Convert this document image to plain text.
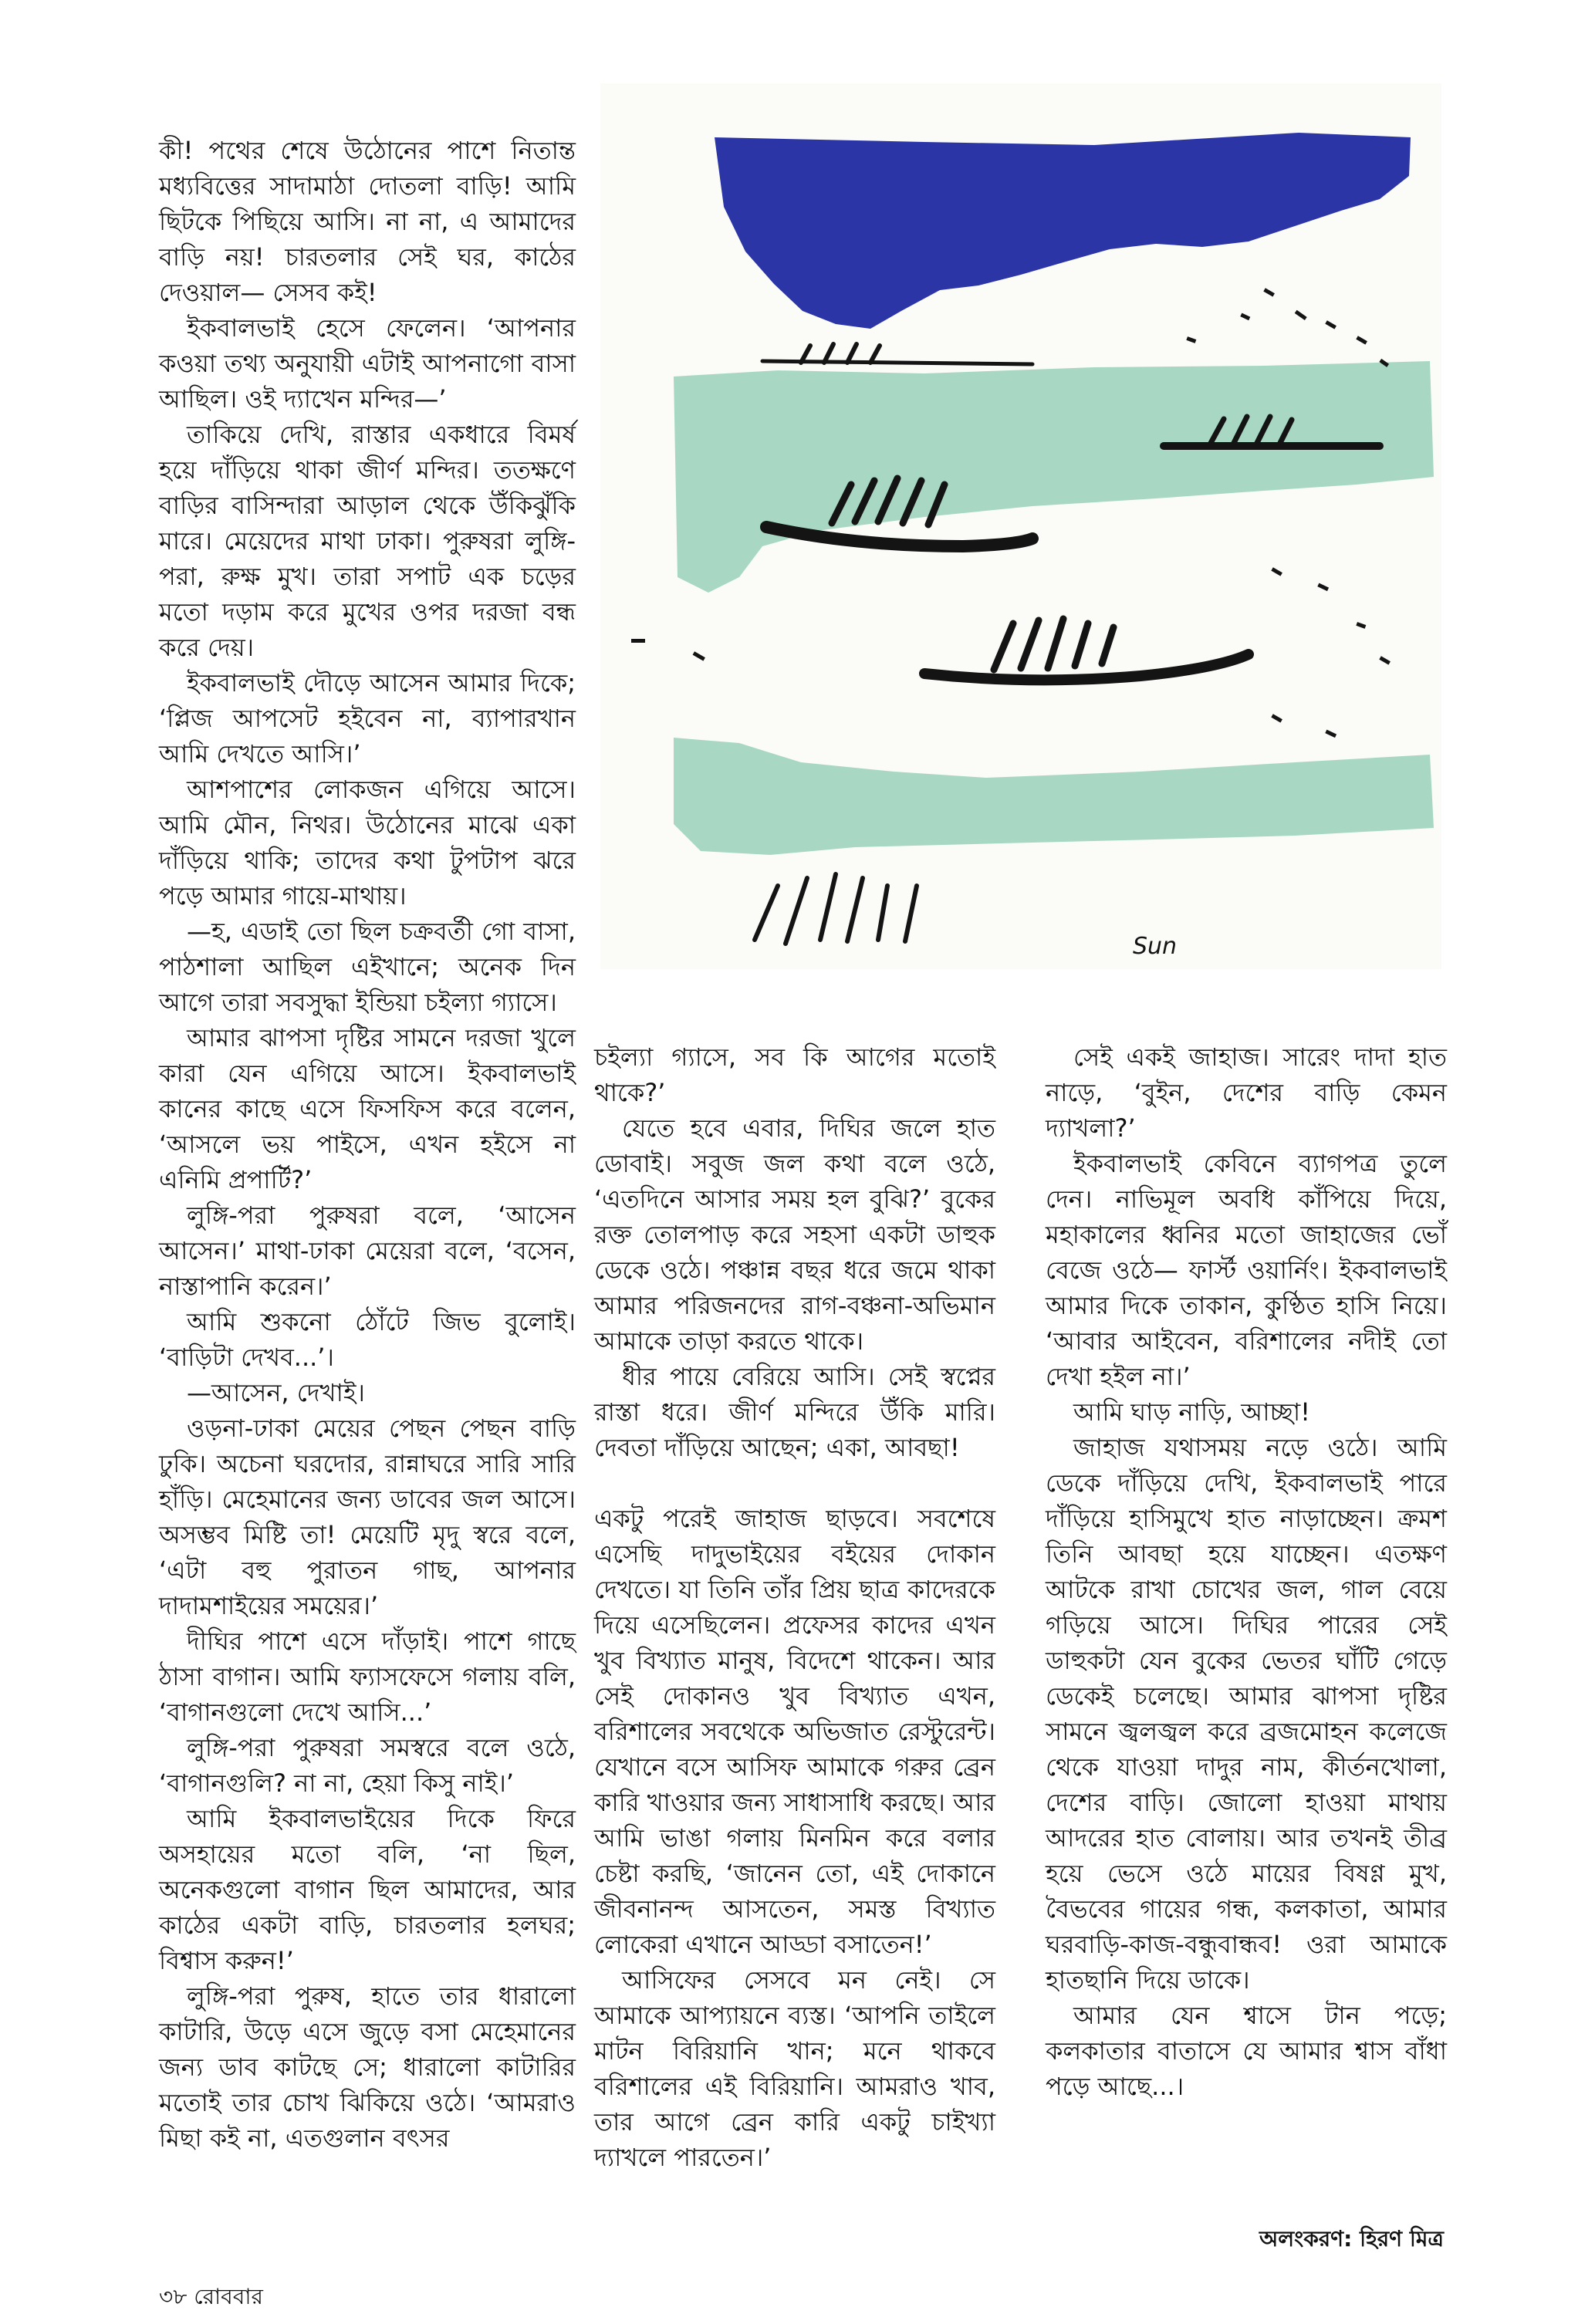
কী! পথের শেষে উঠোনের পাশে নিতান্ত মধ্যবিত্তের সাদামাঠা দোতলা বাড়ি! আমি ছিটকে পিছিয়ে আসি। না না, এ আমাদের বাড়ি নয়! চারতলার সেই ঘর, কাঠের দেওয়াল— সেসব কই!

ইকবালভাই হেসে ফেলেন। ‘আপনার কওয়া তথ্য অনুযায়ী এটাই আপনাগো বাসা আছিল। ওই দ্যাখেন মন্দির—’

তাকিয়ে দেখি, রাস্তার একধারে বিমর্ষ হয়ে দাঁড়িয়ে থাকা জীর্ণ মন্দির। ততক্ষণে বাড়ির বাসিন্দারা আড়াল থেকে উঁকিঝুঁকি মারে। মেয়েদের মাথা ঢাকা। পুরুষরা লুঙ্গি-পরা, রুক্ষ মুখ। তারা সপাট এক চড়ের মতো দড়াম করে মুখের ওপর দরজা বন্ধ করে দেয়।

ইকবালভাই দৌড়ে আসেন আমার দিকে; ‘প্লিজ আপসেট হইবেন না, ব্যাপারখান আমি দেখতে আসি।’

আশপাশের লোকজন এগিয়ে আসে। আমি মৌন, নিথর। উঠোনের মাঝে একা দাঁড়িয়ে থাকি; তাদের কথা টুপটাপ ঝরে পড়ে আমার গায়ে-মাথায়।

—হ, এডাই তো ছিল চক্রবর্তী গো বাসা, পাঠশালা আছিল এইখানে; অনেক দিন আগে তারা সবসুদ্ধা ইন্ডিয়া চইল্যা গ্যাসে।

আমার ঝাপসা দৃষ্টির সামনে দরজা খুলে কারা যেন এগিয়ে আসে। ইকবালভাই কানের কাছে এসে ফিসফিস করে বলেন, ‘আসলে ভয় পাইসে, এখন হইসে না এনিমি প্রপার্টি?’

লুঙ্গি-পরা পুরুষরা বলে, ‘আসেন আসেন।’ মাথা-ঢাকা মেয়েরা বলে, ‘বসেন, নাস্তাপানি করেন।’

আমি শুকনো ঠোঁটে জিভ বুলোই। ‘বাড়িটা দেখব...’।

—আসেন, দেখাই।

ওড়না-ঢাকা মেয়ের পেছন পেছন বাড়ি ঢুকি। অচেনা ঘরদোর, রান্নাঘরে সারি সারি হাঁড়ি। মেহেমানের জন্য ডাবের জল আসে। অসম্ভব মিষ্টি তা! মেয়েটি মৃদু স্বরে বলে, ‘এটা বহু পুরাতন গাছ, আপনার দাদামশাইয়ের সময়ের।’

দীঘির পাশে এসে দাঁড়াই। পাশে গাছে ঠাসা বাগান। আমি ফ্যাসফেসে গলায় বলি, ‘বাগানগুলো দেখে আসি...’

লুঙ্গি-পরা পুরুষরা সমস্বরে বলে ওঠে, ‘বাগানগুলি? না না, হেয়া কিসু নাই।’

আমি ইকবালভাইয়ের দিকে ফিরে অসহায়ের মতো বলি, ‘না ছিল, অনেকগুলো বাগান ছিল আমাদের, আর কাঠের একটা বাড়ি, চারতলার হলঘর; বিশ্বাস করুন!’

লুঙ্গি-পরা পুরুষ, হাতে তার ধারালো কাটারি, উড়ে এসে জুড়ে বসা মেহেমানের জন্য ডাব কাটছে সে; ধারালো কাটারির মতোই তার চোখ ঝিকিয়ে ওঠে। ‘আমরাও মিছা কই না, এতগুলান বৎসর

Sun

চইল্যা গ্যাসে, সব কি আগের মতোই থাকে?’

যেতে হবে এবার, দিঘির জলে হাত ডোবাই। সবুজ জল কথা বলে ওঠে, ‘এতদিনে আসার সময় হল বুঝি?’ বুকের রক্ত তোলপাড় করে সহসা একটা ডাহুক ডেকে ওঠে। পঞ্চান্ন বছর ধরে জমে থাকা আমার পরিজনদের রাগ-বঞ্চনা-অভিমান আমাকে তাড়া করতে থাকে।

ধীর পায়ে বেরিয়ে আসি। সেই স্বপ্নের রাস্তা ধরে। জীর্ণ মন্দিরে উঁকি মারি। দেবতা দাঁড়িয়ে আছেন; একা, আবছা!

একটু পরেই জাহাজ ছাড়বে। সবশেষে এসেছি দাদুভাইয়ের বইয়ের দোকান দেখতে। যা তিনি তাঁর প্রিয় ছাত্র কাদেরকে দিয়ে এসেছিলেন। প্রফেসর কাদের এখন খুব বিখ্যাত মানুষ, বিদেশে থাকেন। আর সেই দোকানও খুব বিখ্যাত এখন, বরিশালের সবথেকে অভিজাত রেস্টুরেন্ট। যেখানে বসে আসিফ আমাকে গরুর ব্রেন কারি খাওয়ার জন্য সাধাসাধি করছে। আর আমি ভাঙা গলায় মিনমিন করে বলার চেষ্টা করছি, ‘জানেন তো, এই দোকানে জীবনানন্দ আসতেন, সমস্ত বিখ্যাত লোকেরা এখানে আড্ডা বসাতেন!’

আসিফের সেসবে মন নেই। সে আমাকে আপ্যায়নে ব্যস্ত। ‘আপনি তাইলে মাটন বিরিয়ানি খান; মনে থাকবে বরিশালের এই বিরিয়ানি। আমরাও খাব, তার আগে ব্রেন কারি একটু চাইখ্যা দ্যাখলে পারতেন।’

সেই একই জাহাজ। সারেং দাদা হাত নাড়ে, ‘বুইন, দেশের বাড়ি কেমন দ্যাখলা?’

ইকবালভাই কেবিনে ব্যাগপত্র তুলে দেন। নাভিমূল অবধি কাঁপিয়ে দিয়ে, মহাকালের ধ্বনির মতো জাহাজের ভোঁ বেজে ওঠে— ফার্স্ট ওয়ার্নিং। ইকবালভাই আমার দিকে তাকান, কুণ্ঠিত হাসি নিয়ে। ‘আবার আইবেন, বরিশালের নদীই তো দেখা হইল না।’

আমি ঘাড় নাড়ি, আচ্ছা!

জাহাজ যথাসময় নড়ে ওঠে। আমি ডেকে দাঁড়িয়ে দেখি, ইকবালভাই পারে দাঁড়িয়ে হাসিমুখে হাত নাড়াচ্ছেন। ক্রমশ তিনি আবছা হয়ে যাচ্ছেন। এতক্ষণ আটকে রাখা চোখের জল, গাল বেয়ে গড়িয়ে আসে। দিঘির পারের সেই ডাহুকটা যেন বুকের ভেতর ঘাঁটি গেড়ে ডেকেই চলেছে। আমার ঝাপসা দৃষ্টির সামনে জ্বলজ্বল করে ব্রজমোহন কলেজে থেকে যাওয়া দাদুর নাম, কীর্তনখোলা, দেশের বাড়ি। জোলো হাওয়া মাথায় আদরের হাত বোলায়। আর তখনই তীব্র হয়ে ভেসে ওঠে মায়ের বিষণ্ণ মুখ, বৈভবের গায়ের গন্ধ, কলকাতা, আমার ঘরবাড়ি-কাজ-বন্ধুবান্ধব! ওরা আমাকে হাতছানি দিয়ে ডাকে।

আমার যেন শ্বাসে টান পড়ে; কলকাতার বাতাসে যে আমার শ্বাস বাঁধা পড়ে আছে...।

অলংকরণ: হিরণ মিত্র
৩৮ রোববার
